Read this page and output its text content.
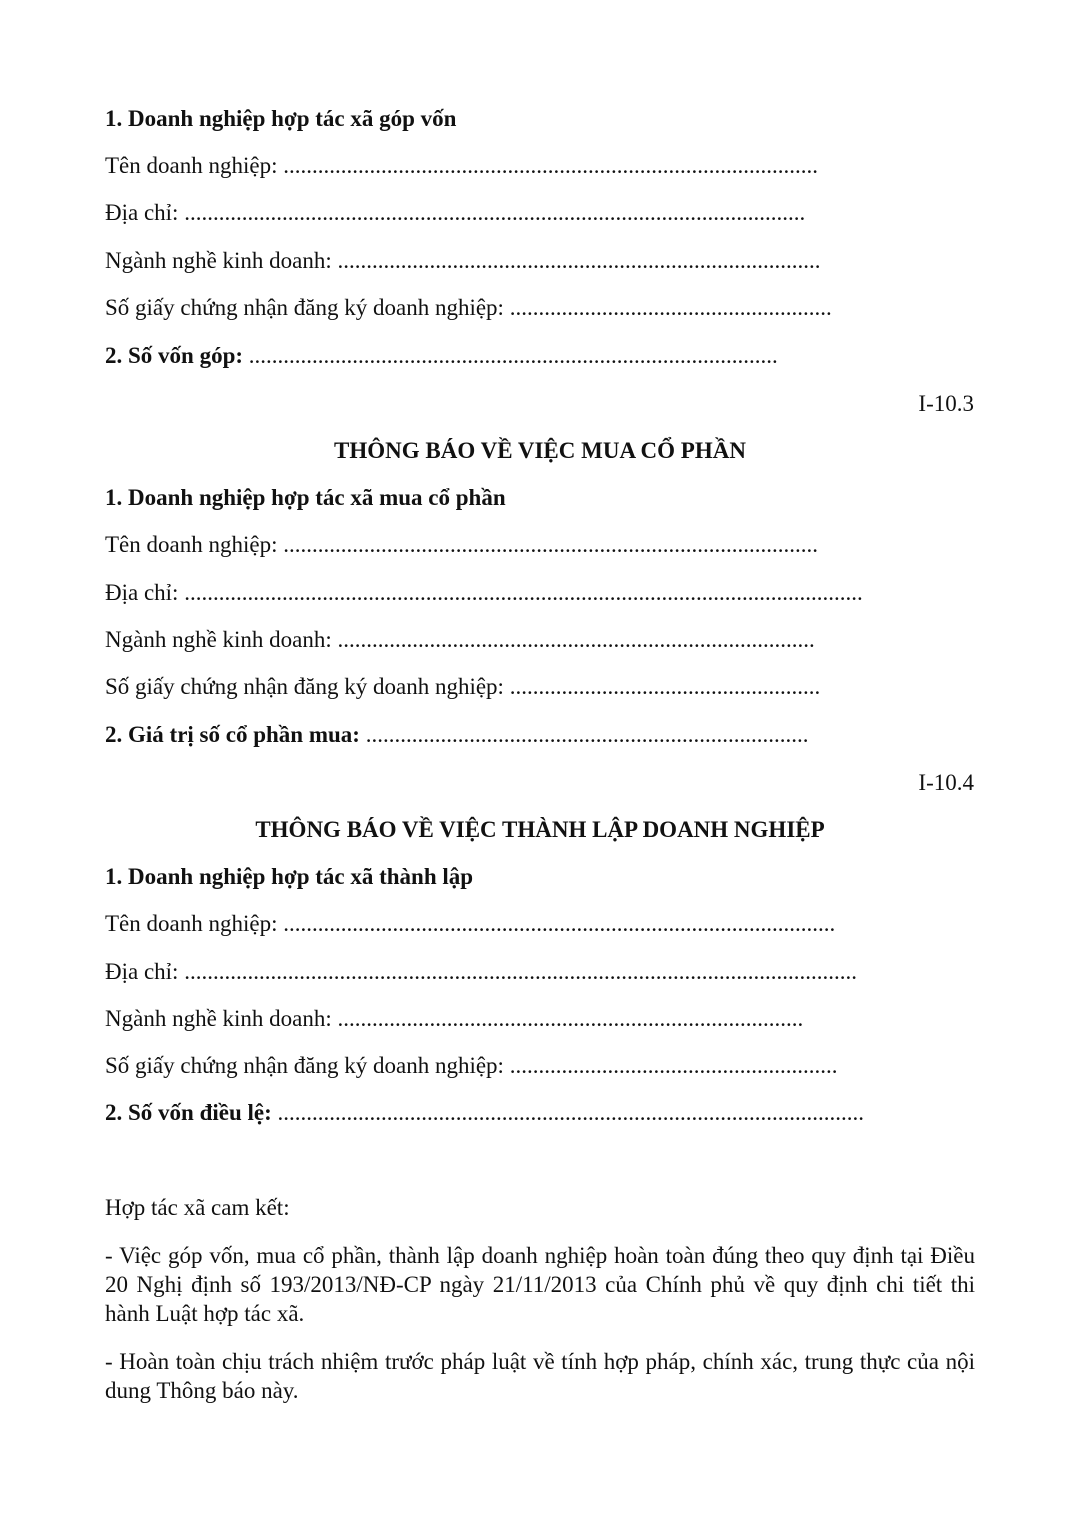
1. Doanh nghiệp hợp tác xã góp vốn
Tên doanh nghiệp: .............................................................................................
Địa chỉ: ............................................................................................................
Ngành nghề kinh doanh: ....................................................................................
Số giấy chứng nhận đăng ký doanh nghiệp: ........................................................
2. Số vốn góp: ............................................................................................
I-10.3
THÔNG BÁO VỀ VIỆC MUA CỔ PHẦN
1. Doanh nghiệp hợp tác xã mua cổ phần
Tên doanh nghiệp: .............................................................................................
Địa chỉ: ......................................................................................................................
Ngành nghề kinh doanh: ...................................................................................
Số giấy chứng nhận đăng ký doanh nghiệp: ......................................................
2. Giá trị số cổ phần mua: .............................................................................
I-10.4
THÔNG BÁO VỀ VIỆC THÀNH LẬP DOANH NGHIỆP
1. Doanh nghiệp hợp tác xã thành lập
Tên doanh nghiệp: ................................................................................................
Địa chỉ: .....................................................................................................................
Ngành nghề kinh doanh: .................................................................................
Số giấy chứng nhận đăng ký doanh nghiệp: .........................................................
2. Số vốn điều lệ: ......................................................................................................
Hợp tác xã cam kết:
- Việc góp vốn, mua cổ phần, thành lập doanh nghiệp hoàn toàn đúng theo quy định tại Điều 20 Nghị định số 193/2013/NĐ-CP ngày 21/11/2013 của Chính phủ về quy định chi tiết thi hành Luật hợp tác xã.
- Hoàn toàn chịu trách nhiệm trước pháp luật về tính hợp pháp, chính xác, trung thực của nội dung Thông báo này.
